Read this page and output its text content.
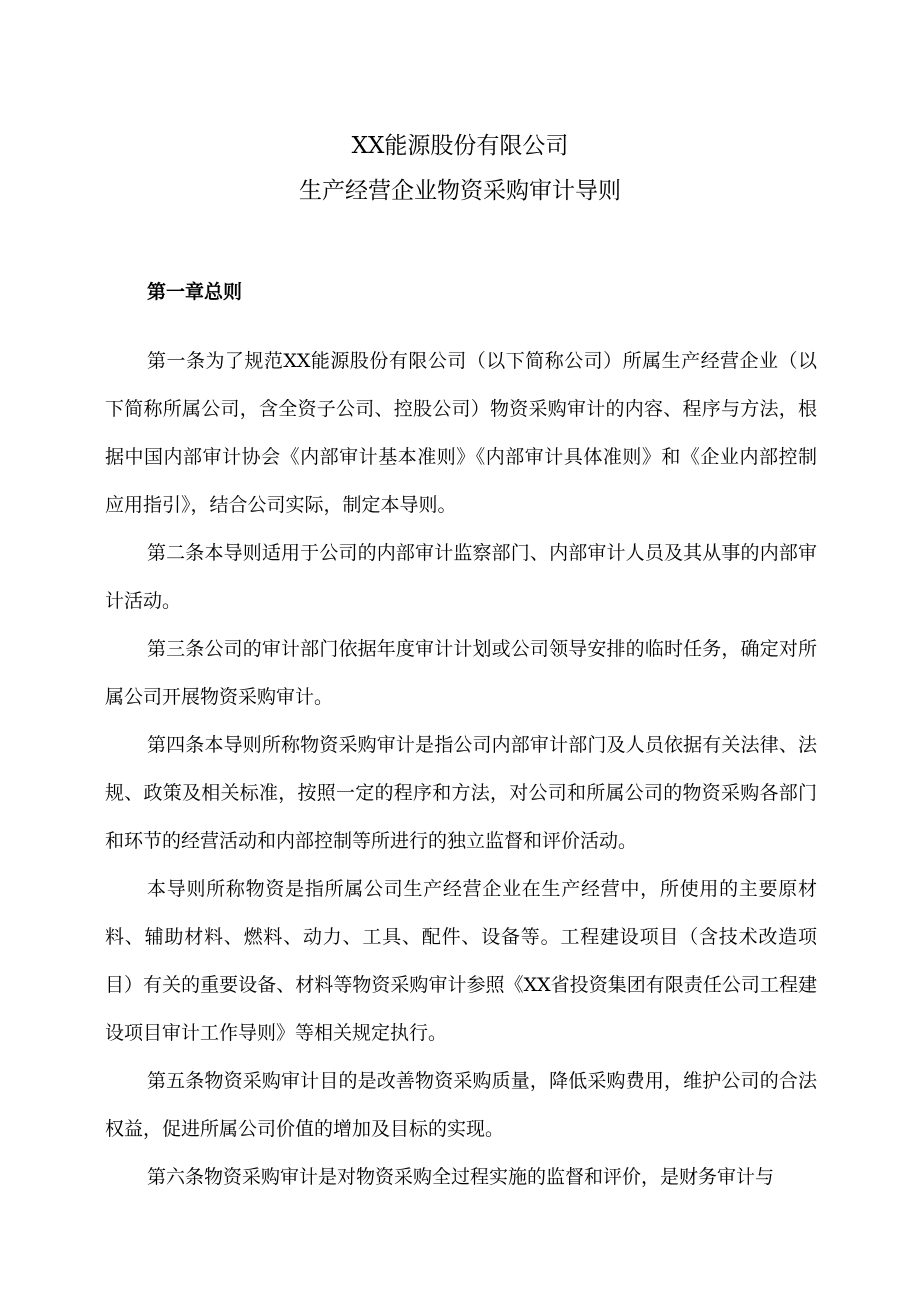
XX能源股份有限公司
生产经营企业物资采购审计导则
第一章总则

第一条为了规范XX能源股份有限公司（以下简称公司）所属生产经营企业（以下简称所属公司，含全资子公司、控股公司）物资采购审计的内容、程序与方法，根据中国内部审计协会《内部审计基本准则》《内部审计具体准则》和《企业内部控制应用指引》，结合公司实际，制定本导则。

第二条本导则适用于公司的内部审计监察部门、内部审计人员及其从事的内部审计活动。

第三条公司的审计部门依据年度审计计划或公司领导安排的临时任务，确定对所属公司开展物资采购审计。

第四条本导则所称物资采购审计是指公司内部审计部门及人员依据有关法律、法规、政策及相关标准，按照一定的程序和方法，对公司和所属公司的物资采购各部门和环节的经营活动和内部控制等所进行的独立监督和评价活动。

本导则所称物资是指所属公司生产经营企业在生产经营中，所使用的主要原材料、辅助材料、燃料、动力、工具、配件、设备等。工程建设项目（含技术改造项目）有关的重要设备、材料等物资采购审计参照《XX省投资集团有限责任公司工程建设项目审计工作导则》等相关规定执行。

第五条物资采购审计目的是改善物资采购质量，降低采购费用，维护公司的合法权益，促进所属公司价值的增加及目标的实现。

第六条物资采购审计是对物资采购全过程实施的监督和评价，是财务审计与
